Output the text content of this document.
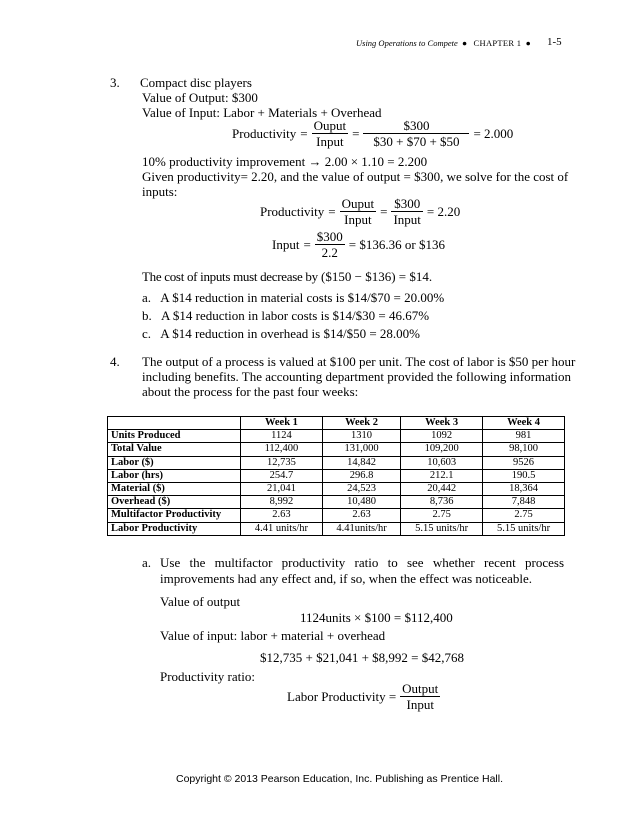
Using Operations to Compete  ●   CHAPTER 1  ● 1-5
3. Compact disc players
Value of Output: $300
Value of Input: Labor + Materials + Overhead
Productivity = $\frac{\text{Ouput}}{\text{Input}} = \frac{\$300}{\$30 + \$70 + \$50} = 2.000$
10% productivity improvement → 2.00 × 1.10 = 2.200
Given productivity= 2.20, and the value of output = $300, we solve for the cost of
inputs:
Productivity = $\frac{\text{Ouput}}{\text{Input}} = \frac{\$300}{\text{Input}} = 2.20$
Input = $\frac{\$300}{2.2}$ = $136.36 or $136
The cost of inputs must decrease by ($150 − $136) = $14.
a. A $14 reduction in material costs is $14/$70 = 20.00%
b. A $14 reduction in labor costs is $14/$30 = 46.67%
c. A $14 reduction in overhead is $14/$50 = 28.00%
4. The output of a process is valued at $100 per unit. The cost of labor is $50 per hour
including benefits. The accounting department provided the following information
about the process for the past four weeks:
	Week 1	Week 2	Week 3	Week 4
Units Produced	1124	1310	1092	981
Total Value	112,400	131,000	109,200	98,100
Labor ($)	12,735	14,842	10,603	9526
Labor (hrs)	254.7	296.8	212.1	190.5
Material ($)	21,041	24,523	20,442	18,364
Overhead ($)	8,992	10,480	8,736	7,848
Multifactor Productivity	2.63	2.63	2.75	2.75
Labor Productivity	4.41 units/hr	4.41units/hr	5.15 units/hr	5.15 units/hr
a. Use the multifactor productivity ratio to see whether recent process
improvements had any effect and, if so, when the effect was noticeable.
Value of output
1124units × $100 = $112,400
Value of input: labor + material + overhead
$12,735 + $21,041 + $8,992 = $42,768
Productivity ratio:
Labor Productivity = $\frac{\text{Output}}{\text{Input}}$
Copyright © 2013 Pearson Education, Inc. Publishing as Prentice Hall.
